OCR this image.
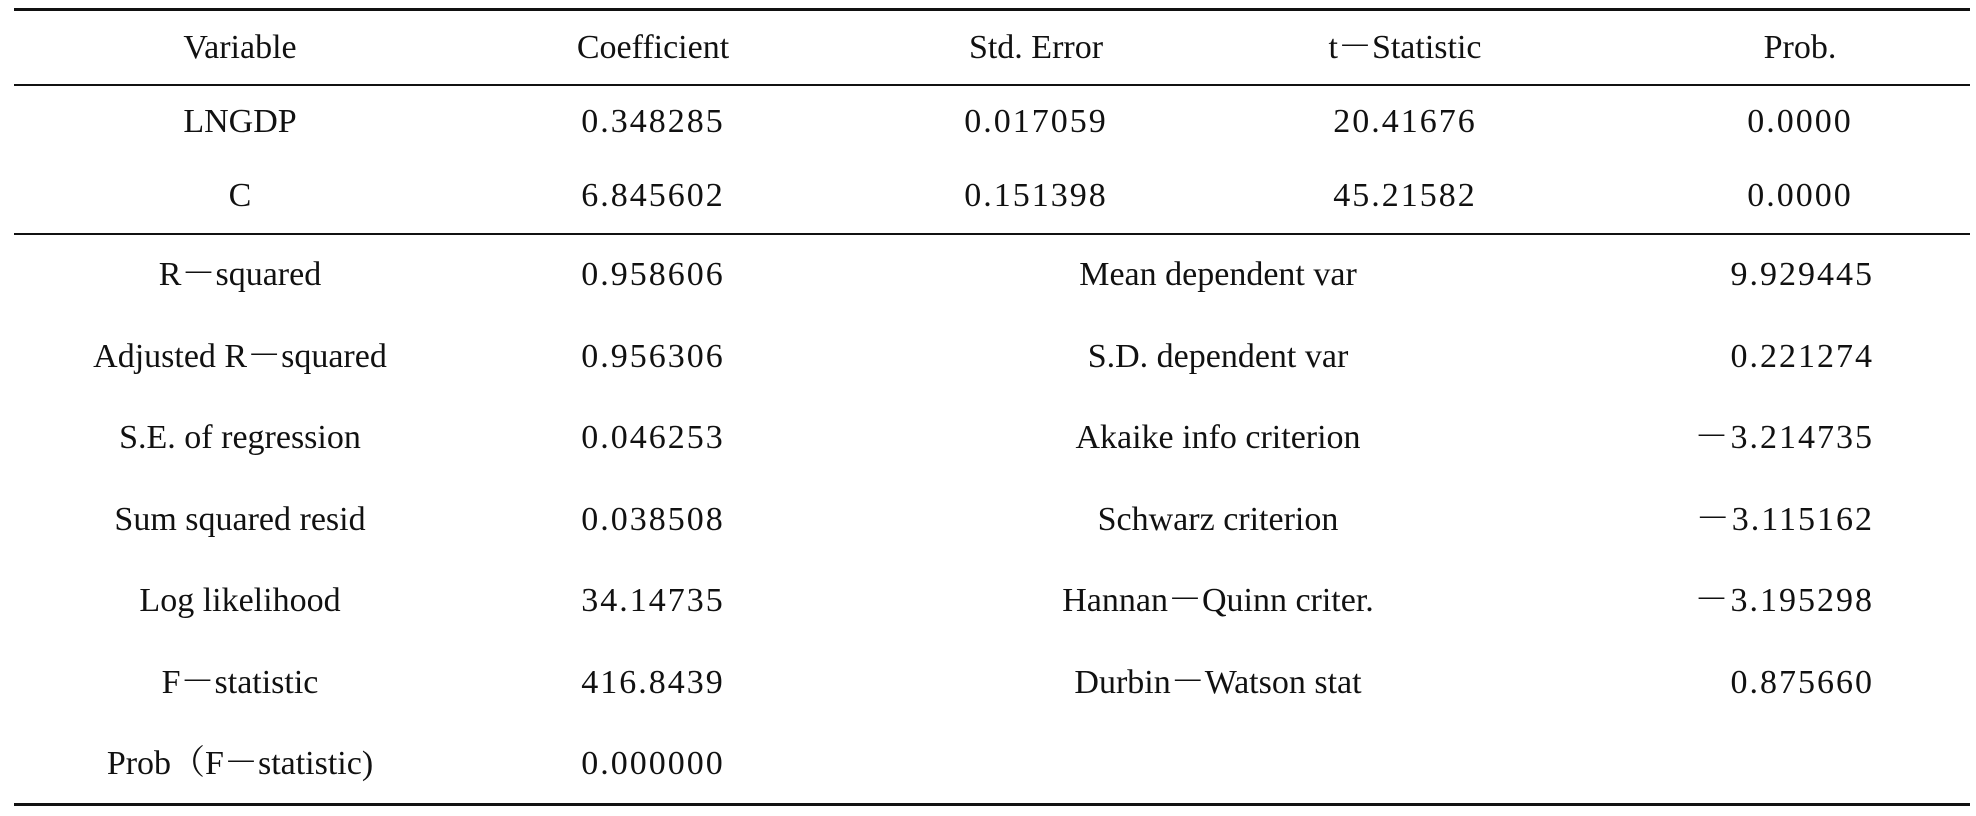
Variable	Coefficient	Std. Error	t－Statistic	Prob.
LNGDP	0.348285	0.017059	20.41676	0.0000
C	6.845602	0.151398	45.21582	0.0000
R－squared	0.958606	Mean dependent var	9.929445
Adjusted R－squared	0.956306	S.D. dependent var	0.221274
S.E. of regression	0.046253	Akaike info criterion	－3.214735
Sum squared resid	0.038508	Schwarz criterion	－3.115162
Log likelihood	34.14735	Hannan－Quinn criter.	－3.195298
F－statistic	416.8439	Durbin－Watson stat	0.875660
Prob（F－statistic)	0.000000
